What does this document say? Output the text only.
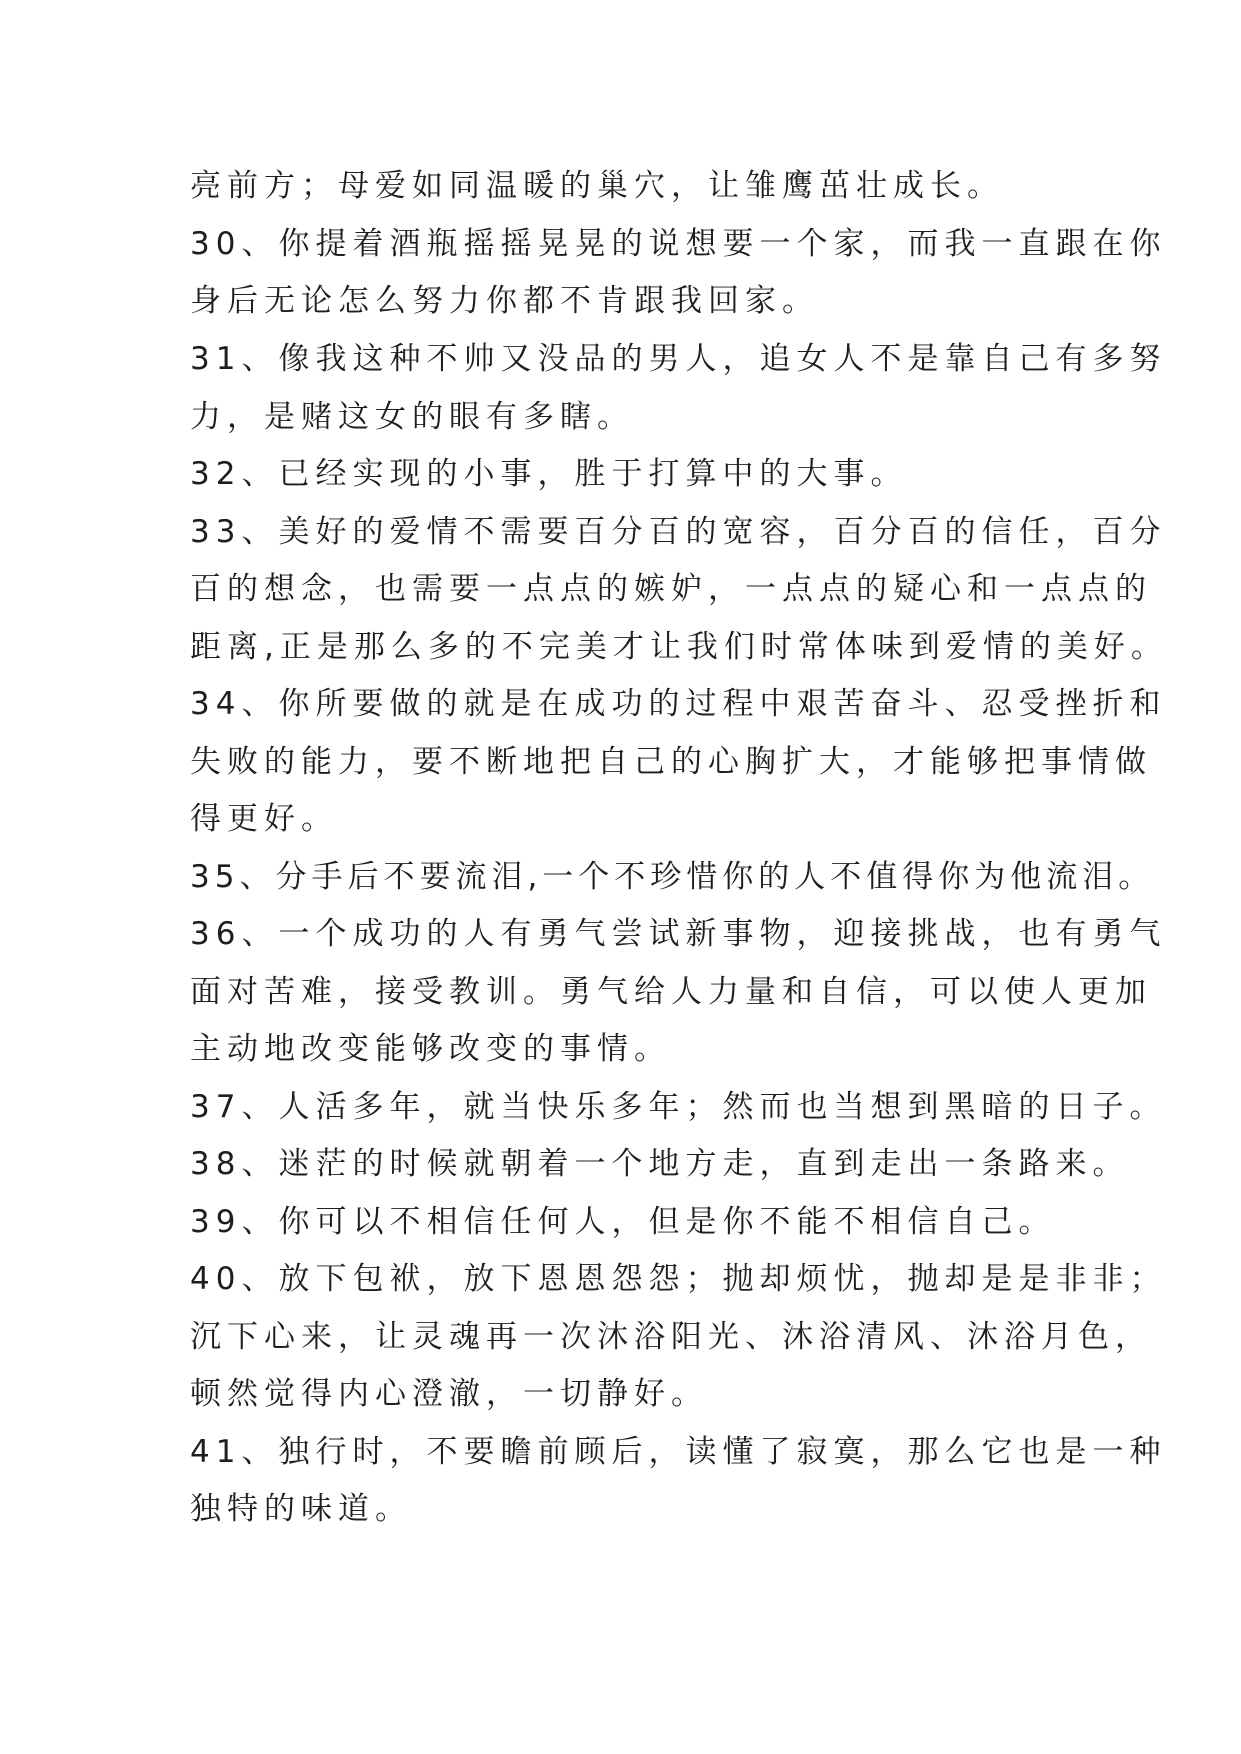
亮前方；母爱如同温暖的巢穴，让雏鹰茁壮成长。
30、你提着酒瓶摇摇晃晃的说想要一个家，而我一直跟在你
身后无论怎么努力你都不肯跟我回家。
31、像我这种不帅又没品的男人，追女人不是靠自己有多努
力，是赌这女的眼有多瞎。
32、已经实现的小事，胜于打算中的大事。
33、美好的爱情不需要百分百的宽容，百分百的信任，百分
百的想念，也需要一点点的嫉妒，一点点的疑心和一点点的
距离,正是那么多的不完美才让我们时常体味到爱情的美好。
34、你所要做的就是在成功的过程中艰苦奋斗、忍受挫折和
失败的能力，要不断地把自己的心胸扩大，才能够把事情做
得更好。
35、分手后不要流泪,一个不珍惜你的人不值得你为他流泪。
36、一个成功的人有勇气尝试新事物，迎接挑战，也有勇气
面对苦难，接受教训。勇气给人力量和自信，可以使人更加
主动地改变能够改变的事情。
37、人活多年，就当快乐多年；然而也当想到黑暗的日子。
38、迷茫的时候就朝着一个地方走，直到走出一条路来。
39、你可以不相信任何人，但是你不能不相信自己。
40、放下包袱，放下恩恩怨怨；抛却烦忧，抛却是是非非；
沉下心来，让灵魂再一次沐浴阳光、沐浴清风、沐浴月色，
顿然觉得内心澄澈，一切静好。
41、独行时，不要瞻前顾后，读懂了寂寞，那么它也是一种
独特的味道。
